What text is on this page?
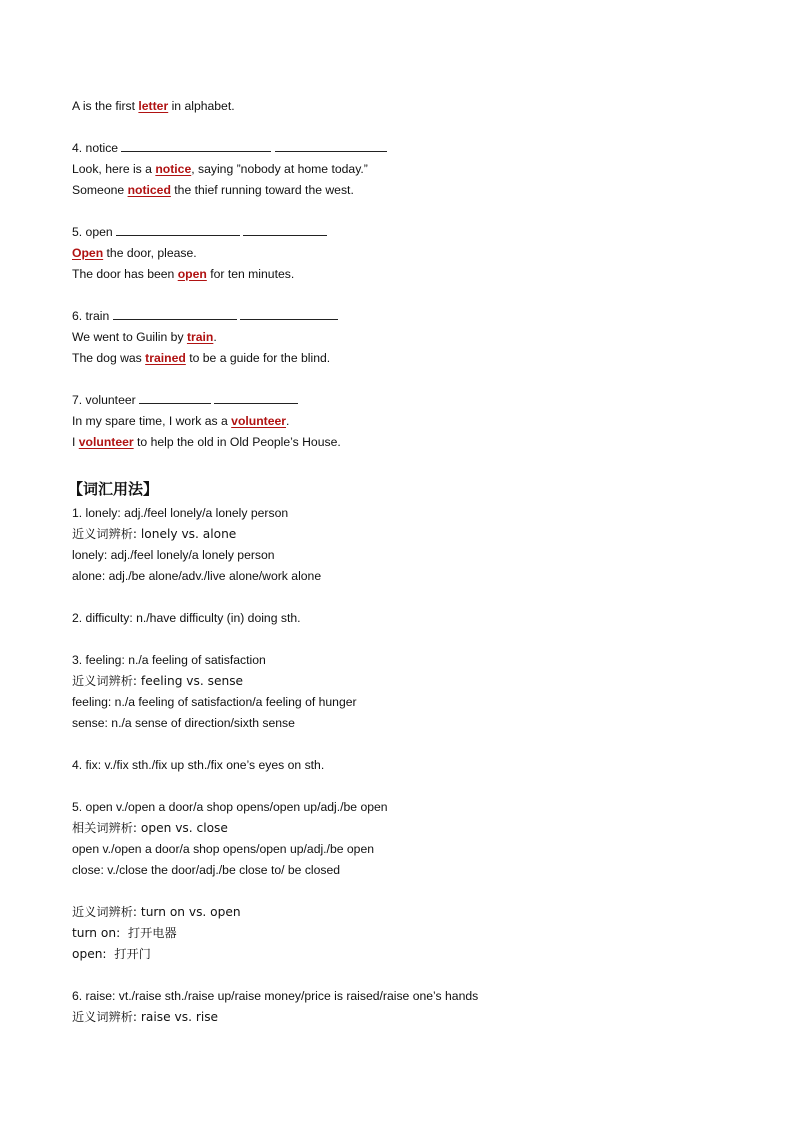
A is the first letter in alphabet.
4. notice
Look, here is a notice, saying ”nobody at home today.”
Someone noticed the thief running toward the west.
5. open
Open the door, please.
The door has been open for ten minutes.
6. train
We went to Guilin by train.
The dog was trained to be a guide for the blind.
7. volunteer
In my spare time, I work as a volunteer.
I volunteer to help the old in Old People’s House.
【词汇用法】
1. lonely: adj./feel lonely/a lonely person
近义词辨析: lonely vs. alone
lonely: adj./feel lonely/a lonely person
alone: adj./be alone/adv./live alone/work alone
2. difficulty: n./have difficulty (in) doing sth.
3. feeling: n./a feeling of satisfaction
近义词辨析: feeling vs. sense
feeling: n./a feeling of satisfaction/a feeling of hunger
sense: n./a sense of direction/sixth sense
4. fix: v./fix sth./fix up sth./fix one’s eyes on sth.
5. open v./open a door/a shop opens/open up/adj./be open
相关词辨析: open vs. close
open v./open a door/a shop opens/open up/adj./be open
close: v./close the door/adj./be close to/ be closed
近义词辨析: turn on vs. open
turn on:  打开电器
open:  打开门
6. raise: vt./raise sth./raise up/raise money/price is raised/raise one’s hands
近义词辨析: raise vs. rise
